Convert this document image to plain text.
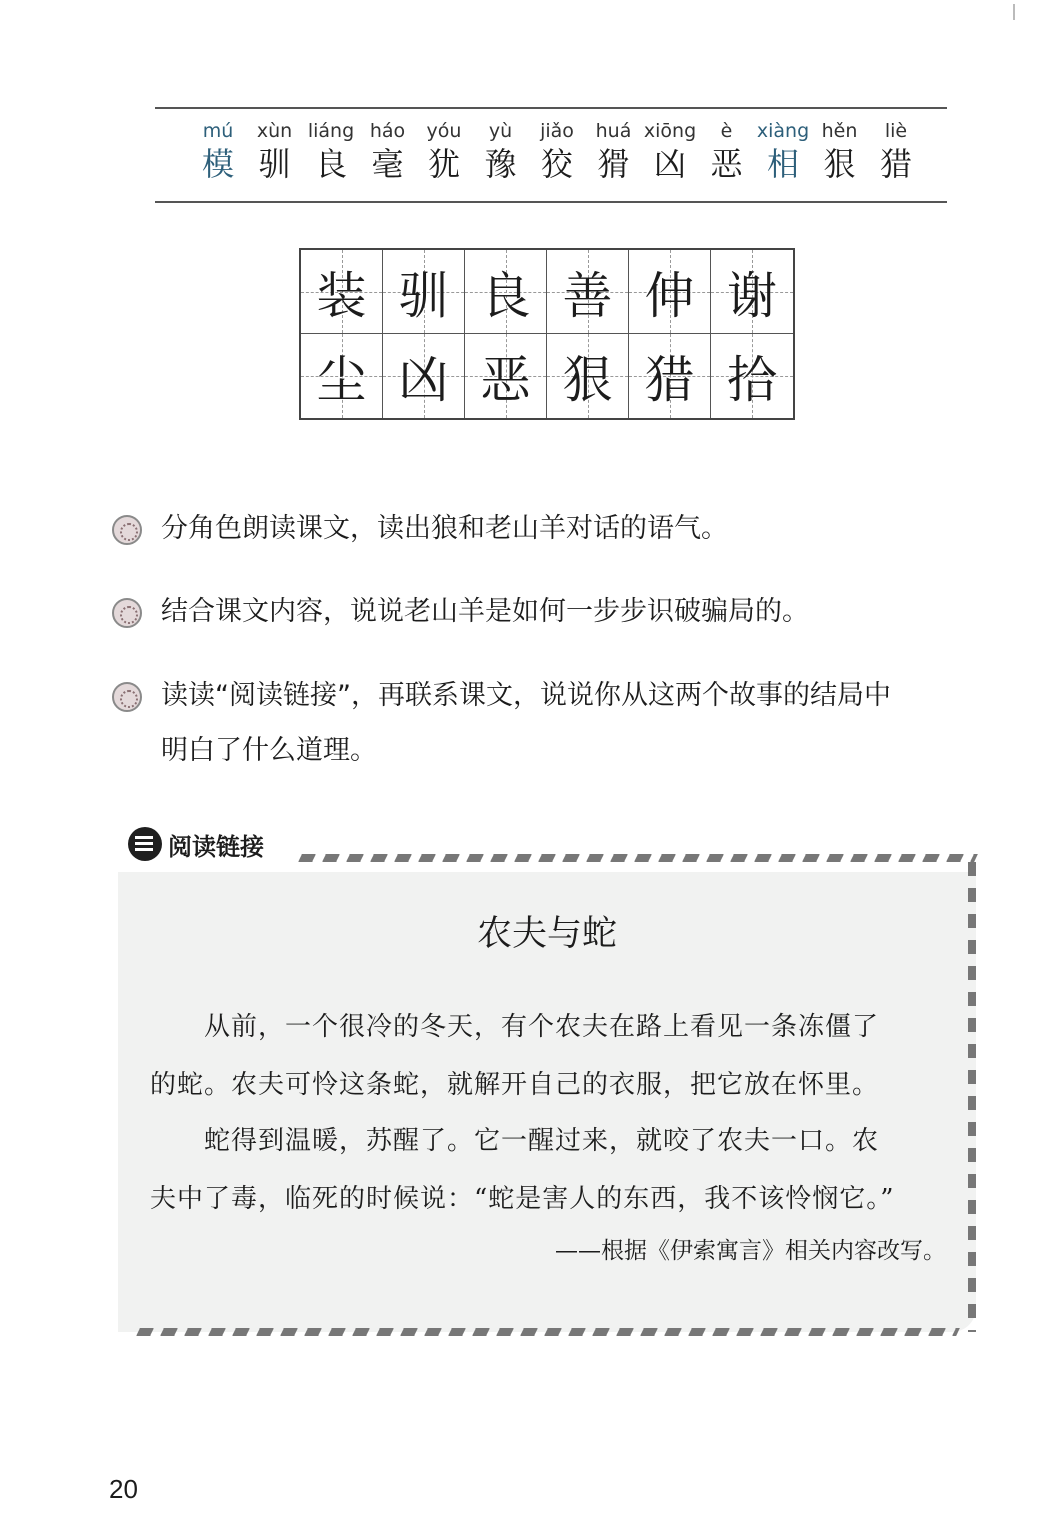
mú
模
xùn
驯
liáng
良
háo
毫
yóu
犹
yù
豫
jiǎo
狡
huá
猾
xiōng
凶
è
恶
xiàng
相
hěn
狠
liè
猎
装 驯 良 善 伸 谢
尘 凶 恶 狠 猎 拾
分角色朗读课文，读出狼和老山羊对话的语气。
结合课文内容，说说老山羊是如何一步步识破骗局的。
读读“阅读链接”，再联系课文，说说你从这两个故事的结局中
明白了什么道理。
阅读链接
农夫与蛇
　　从前，一个很冷的冬天，有个农夫在路上看见一条冻僵了
的蛇。农夫可怜这条蛇，就解开自己的衣服，把它放在怀里。
　　蛇得到温暖，苏醒了。它一醒过来，就咬了农夫一口。农
夫中了毒，临死的时候说：“蛇是害人的东西，我不该怜悯它。”
——根据《伊索寓言》相关内容改写。
20
